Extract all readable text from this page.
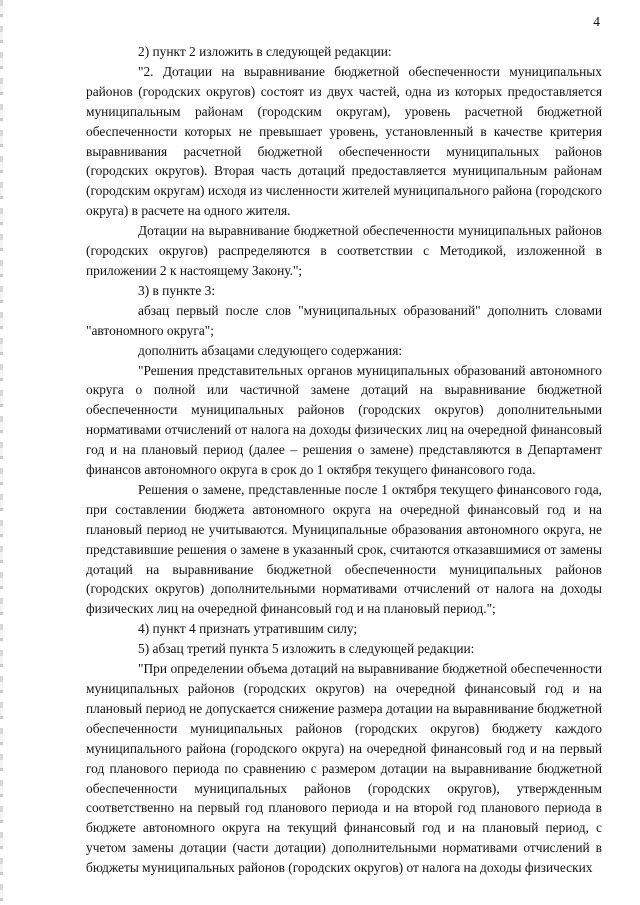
4

2) пункт 2 изложить в следующей редакции:

"2. Дотации на выравнивание бюджетной обеспеченности муниципальных районов (городских округов) состоят из двух частей, одна из которых предоставляется муниципальным районам (городским округам), уровень расчетной бюджетной обеспеченности которых не превышает уровень, установленный в качестве критерия выравнивания расчетной бюджетной обеспеченности муниципальных районов (городских округов). Вторая часть дотаций предоставляется муниципальным районам (городским округам) исходя из численности жителей муниципального района (городского округа) в расчете на одного жителя.

Дотации на выравнивание бюджетной обеспеченности муниципальных районов (городских округов) распределяются в соответствии с Методикой, изложенной в приложении 2 к настоящему Закону.";

3) в пункте 3:

абзац первый после слов "муниципальных образований" дополнить словами "автономного округа";

дополнить абзацами следующего содержания:

"Решения представительных органов муниципальных образований автономного округа о полной или частичной замене дотаций на выравнивание бюджетной обеспеченности муниципальных районов (городских округов) дополнительными нормативами отчислений от налога на доходы физических лиц на очередной финансовый год и на плановый период (далее – решения о замене) представляются в Департамент финансов автономного округа в срок до 1 октября текущего финансового года.

Решения о замене, представленные после 1 октября текущего финансового года, при составлении бюджета автономного округа на очередной финансовый год и на плановый период не учитываются. Муниципальные образования автономного округа, не представившие решения о замене в указанный срок, считаются отказавшимися от замены дотаций на выравнивание бюджетной обеспеченности муниципальных районов (городских округов) дополнительными нормативами отчислений от налога на доходы физических лиц на очередной финансовый год и на плановый период.";

4) пункт 4 признать утратившим силу;

5) абзац третий пункта 5 изложить в следующей редакции:

"При определении объема дотаций на выравнивание бюджетной обеспеченности муниципальных районов (городских округов) на очередной финансовый год и на плановый период не допускается снижение размера дотации на выравнивание бюджетной обеспеченности муниципальных районов (городских округов) бюджету каждого муниципального района (городского округа) на очередной финансовый год и на первый год планового периода по сравнению с размером дотации на выравнивание бюджетной обеспеченности муниципальных районов (городских округов), утвержденным соответственно на первый год планового периода и на второй год планового периода в бюджете автономного округа на текущий финансовый год и на плановый период, с учетом замены дотации (части дотации) дополнительными нормативами отчислений в бюджеты муниципальных районов (городских округов) от налога на доходы физических
